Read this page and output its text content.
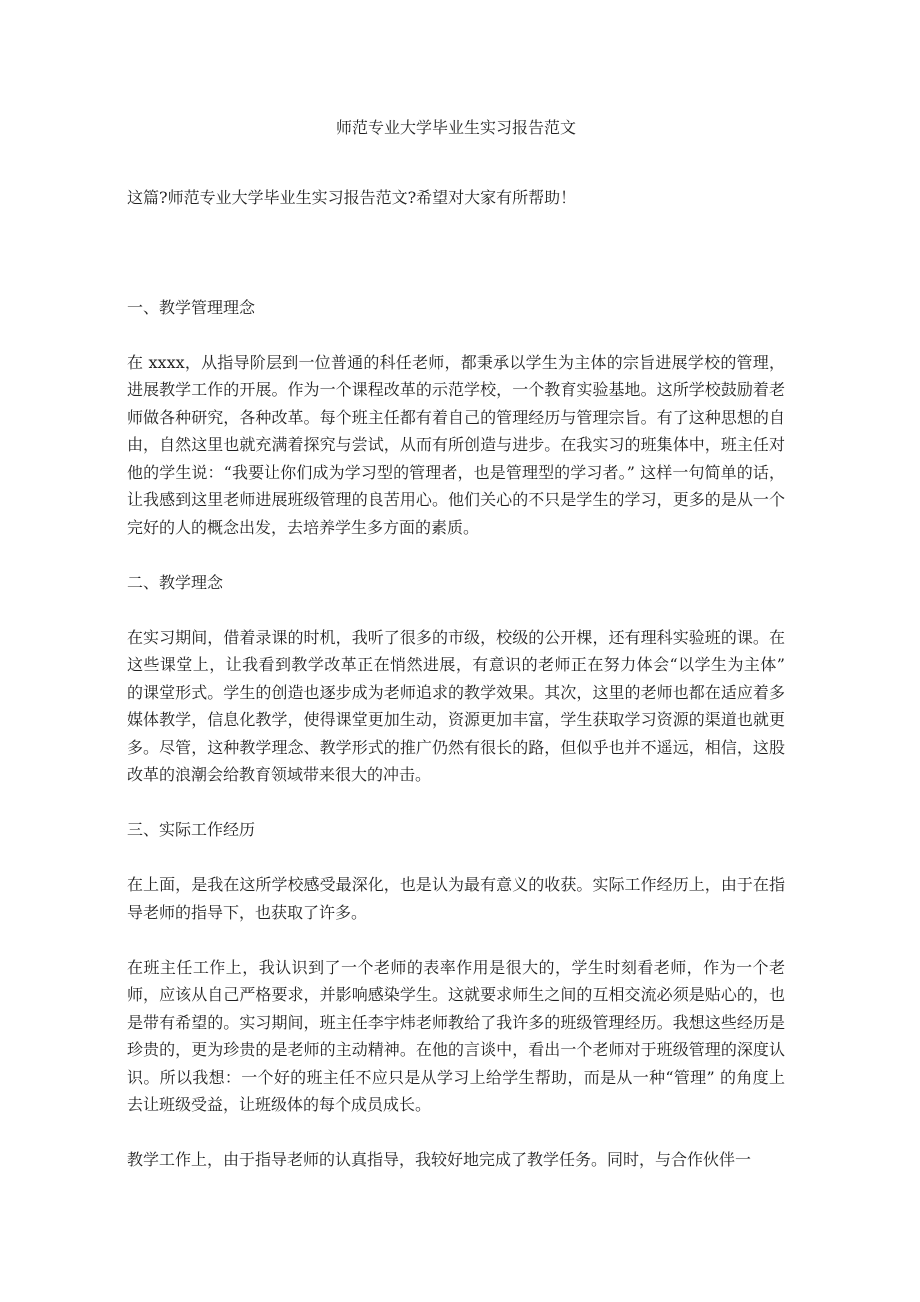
师范专业大学毕业生实习报告范文

这篇?师范专业大学毕业生实习报告范文?希望对大家有所帮助！

一、教学管理理念

在 xxxx，从指导阶层到一位普通的科任老师，都秉承以学生为主体的宗旨进展学校的管理，进展教学工作的开展。作为一个课程改革的示范学校，一个教育实验基地。这所学校鼓励着老师做各种研究，各种改革。每个班主任都有着自己的管理经历与管理宗旨。有了这种思想的自由，自然这里也就充满着探究与尝试，从而有所创造与进步。在我实习的班集体中，班主任对他的学生说：“我要让你们成为学习型的管理者，也是管理型的学习者。” 这样一句简单的话，让我感到这里老师进展班级管理的良苦用心。他们关心的不只是学生的学习，更多的是从一个完好的人的概念出发，去培养学生多方面的素质。

二、教学理念

在实习期间，借着录课的时机，我听了很多的市级，校级的公开棵，还有理科实验班的课。在这些课堂上，让我看到教学改革正在悄然进展，有意识的老师正在努力体会“以学生为主体” 的课堂形式。学生的创造也逐步成为老师追求的教学效果。其次，这里的老师也都在适应着多媒体教学，信息化教学，使得课堂更加生动，资源更加丰富，学生获取学习资源的渠道也就更多。尽管，这种教学理念、教学形式的推广仍然有很长的路，但似乎也并不遥远，相信，这股改革的浪潮会给教育领域带来很大的冲击。

三、实际工作经历

在上面，是我在这所学校感受最深化，也是认为最有意义的收获。实际工作经历上，由于在指导老师的指导下，也获取了许多。

在班主任工作上，我认识到了一个老师的表率作用是很大的，学生时刻看老师，作为一个老师，应该从自己严格要求，并影响感染学生。这就要求师生之间的互相交流必须是贴心的，也是带有希望的。实习期间，班主任李宇炜老师教给了我许多的班级管理经历。我想这些经历是珍贵的，更为珍贵的是老师的主动精神。在他的言谈中，看出一个老师对于班级管理的深度认识。所以我想：一个好的班主任不应只是从学习上给学生帮助，而是从一种“管理” 的角度上去让班级受益，让班级体的每个成员成长。

教学工作上，由于指导老师的认真指导，我较好地完成了教学任务。同时，与合作伙伴一
